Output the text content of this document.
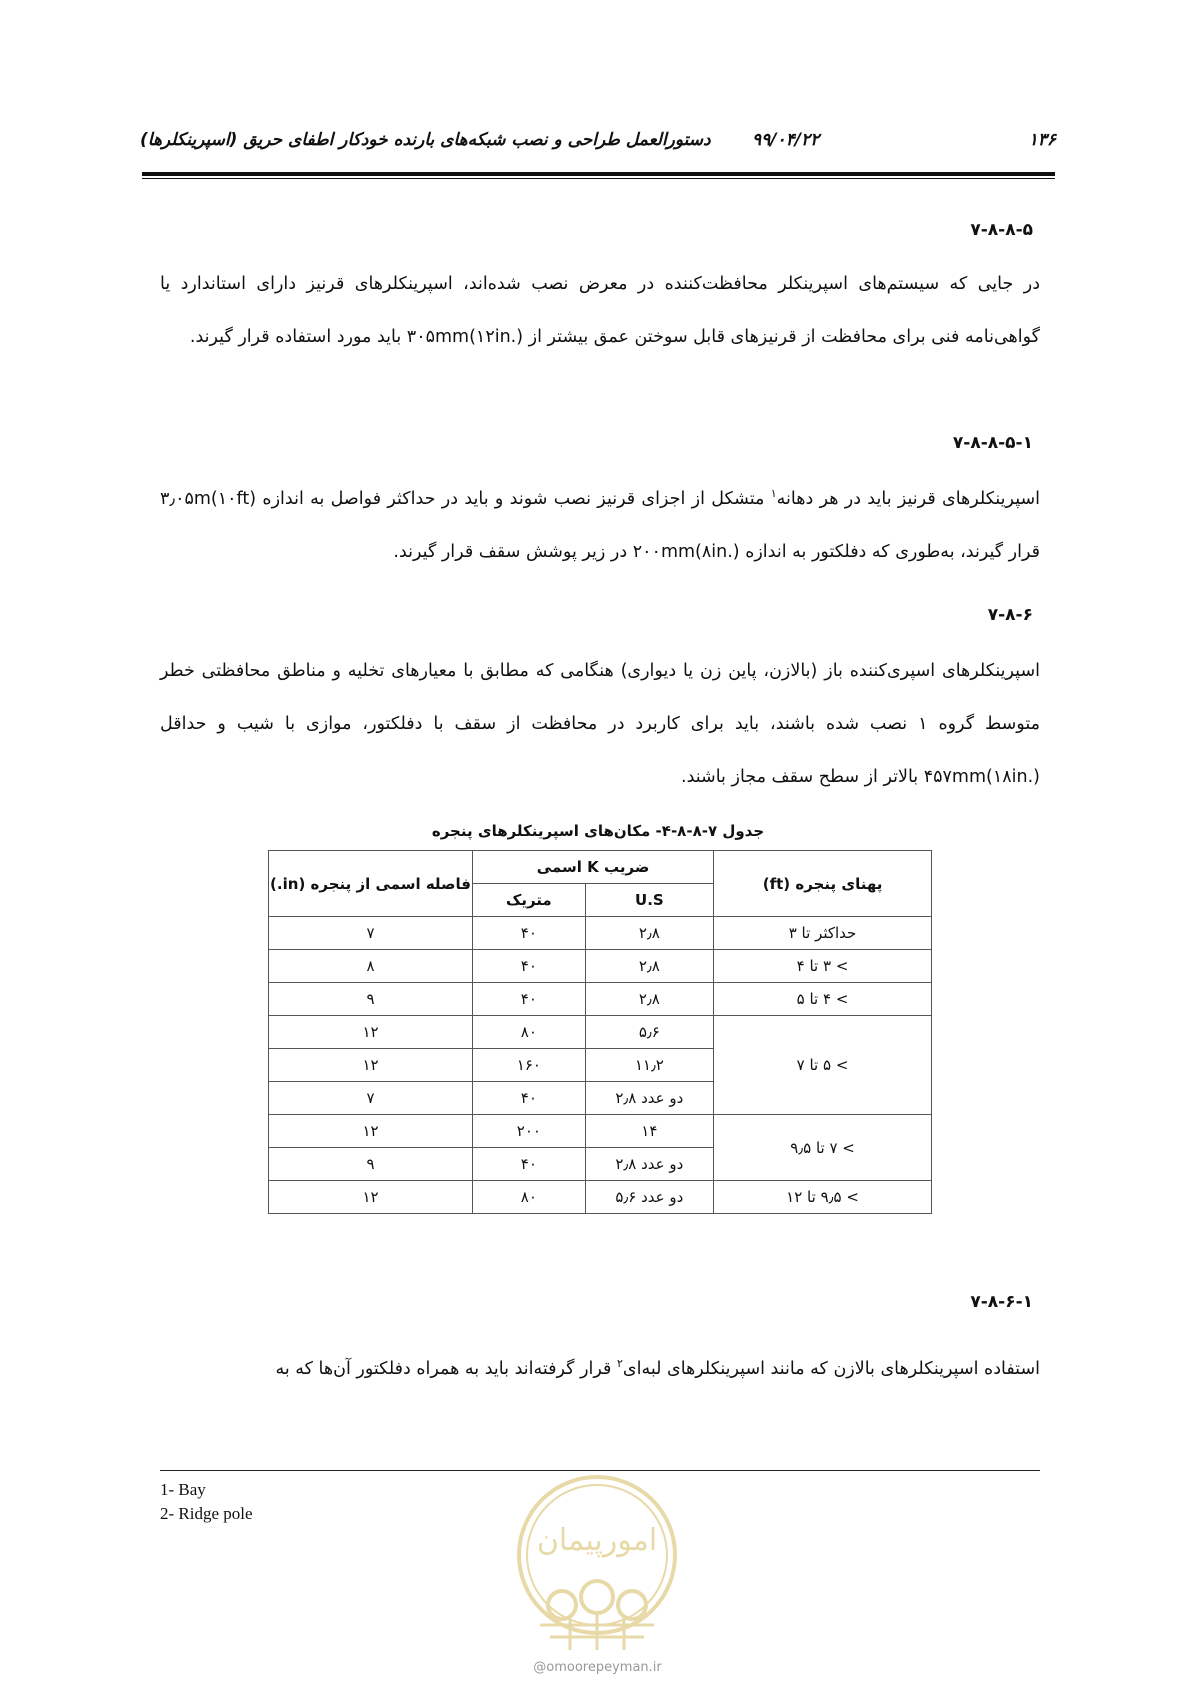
دستورالعمل طراحی و نصب شبکه‌های بارنده خودکار اطفای حریق (اسپرینکلرها) ۹۹/۰۴/۲۲	۱۳۶
۷-۸-۸-۵
در جایی که سیستم‌های اسپرینکلر محافظت‌کننده در معرض نصب شده‌اند، اسپرینکلرهای قرنیز دارای استاندارد یا گواهی‌نامه فنی برای محافظت از قرنیزهای قابل سوختن عمق بیشتر از ۳۰۵mm(۱۲in.) باید مورد استفاده قرار گیرند.
۷-۸-۸-۵-۱
اسپرینکلرهای قرنیز باید در هر دهانه$^۱$ متشکل از اجزای قرنیز نصب شوند و باید در حداکثر فواصل به اندازه ۳٫۰۵m(۱۰ft) قرار گیرند، به‌طوری که دفلکتور به اندازه ۲۰۰mm(۸in.) در زیر پوشش سقف قرار گیرند.
۷-۸-۶
اسپرینکلرهای اسپری‌کننده باز (بالازن، پاین زن یا دیواری) هنگامی که مطابق با معیارهای تخلیه و مناطق محافظتی خطر متوسط گروه ۱ نصب شده باشند، باید برای کاربرد در محافظت از سقف با دفلکتور، موازی با شیب و حداقل ۴۵۷mm(۱۸in.) بالاتر از سطح سقف مجاز باشند.
جدول ۷-۸-۸-۴- مکان‌های اسپرینکلرهای پنجره
پهنای پنجره (ft)	ضریب K اسمی		فاصله اسمی از پنجره (in.)
	U.S	متریک	
حداکثر تا ۳	۲٫۸	۴۰	۷
> ۳ تا ۴	۲٫۸	۴۰	۸
> ۴ تا ۵	۲٫۸	۴۰	۹
> ۵ تا ۷	۵٫۶	۸۰	۱۲
	۱۱٫۲	۱۶۰	۱۲
	دو عدد ۲٫۸	۴۰	۷
> ۷ تا ۹٫۵	۱۴	۲۰۰	۱۲
	دو عدد ۲٫۸	۴۰	۹
> ۹٫۵ تا ۱۲	دو عدد ۵٫۶	۸۰	۱۲
۷-۸-۶-۱
استفاده اسپرینکلرهای بالازن که مانند اسپرینکلرهای لبه‌ای$^۲$ قرار گرفته‌اند باید به همراه دفلکتور آن‌ها که به
1- Bay
2- Ridge pole
امورپیمان
@omoorepeyman.ir
